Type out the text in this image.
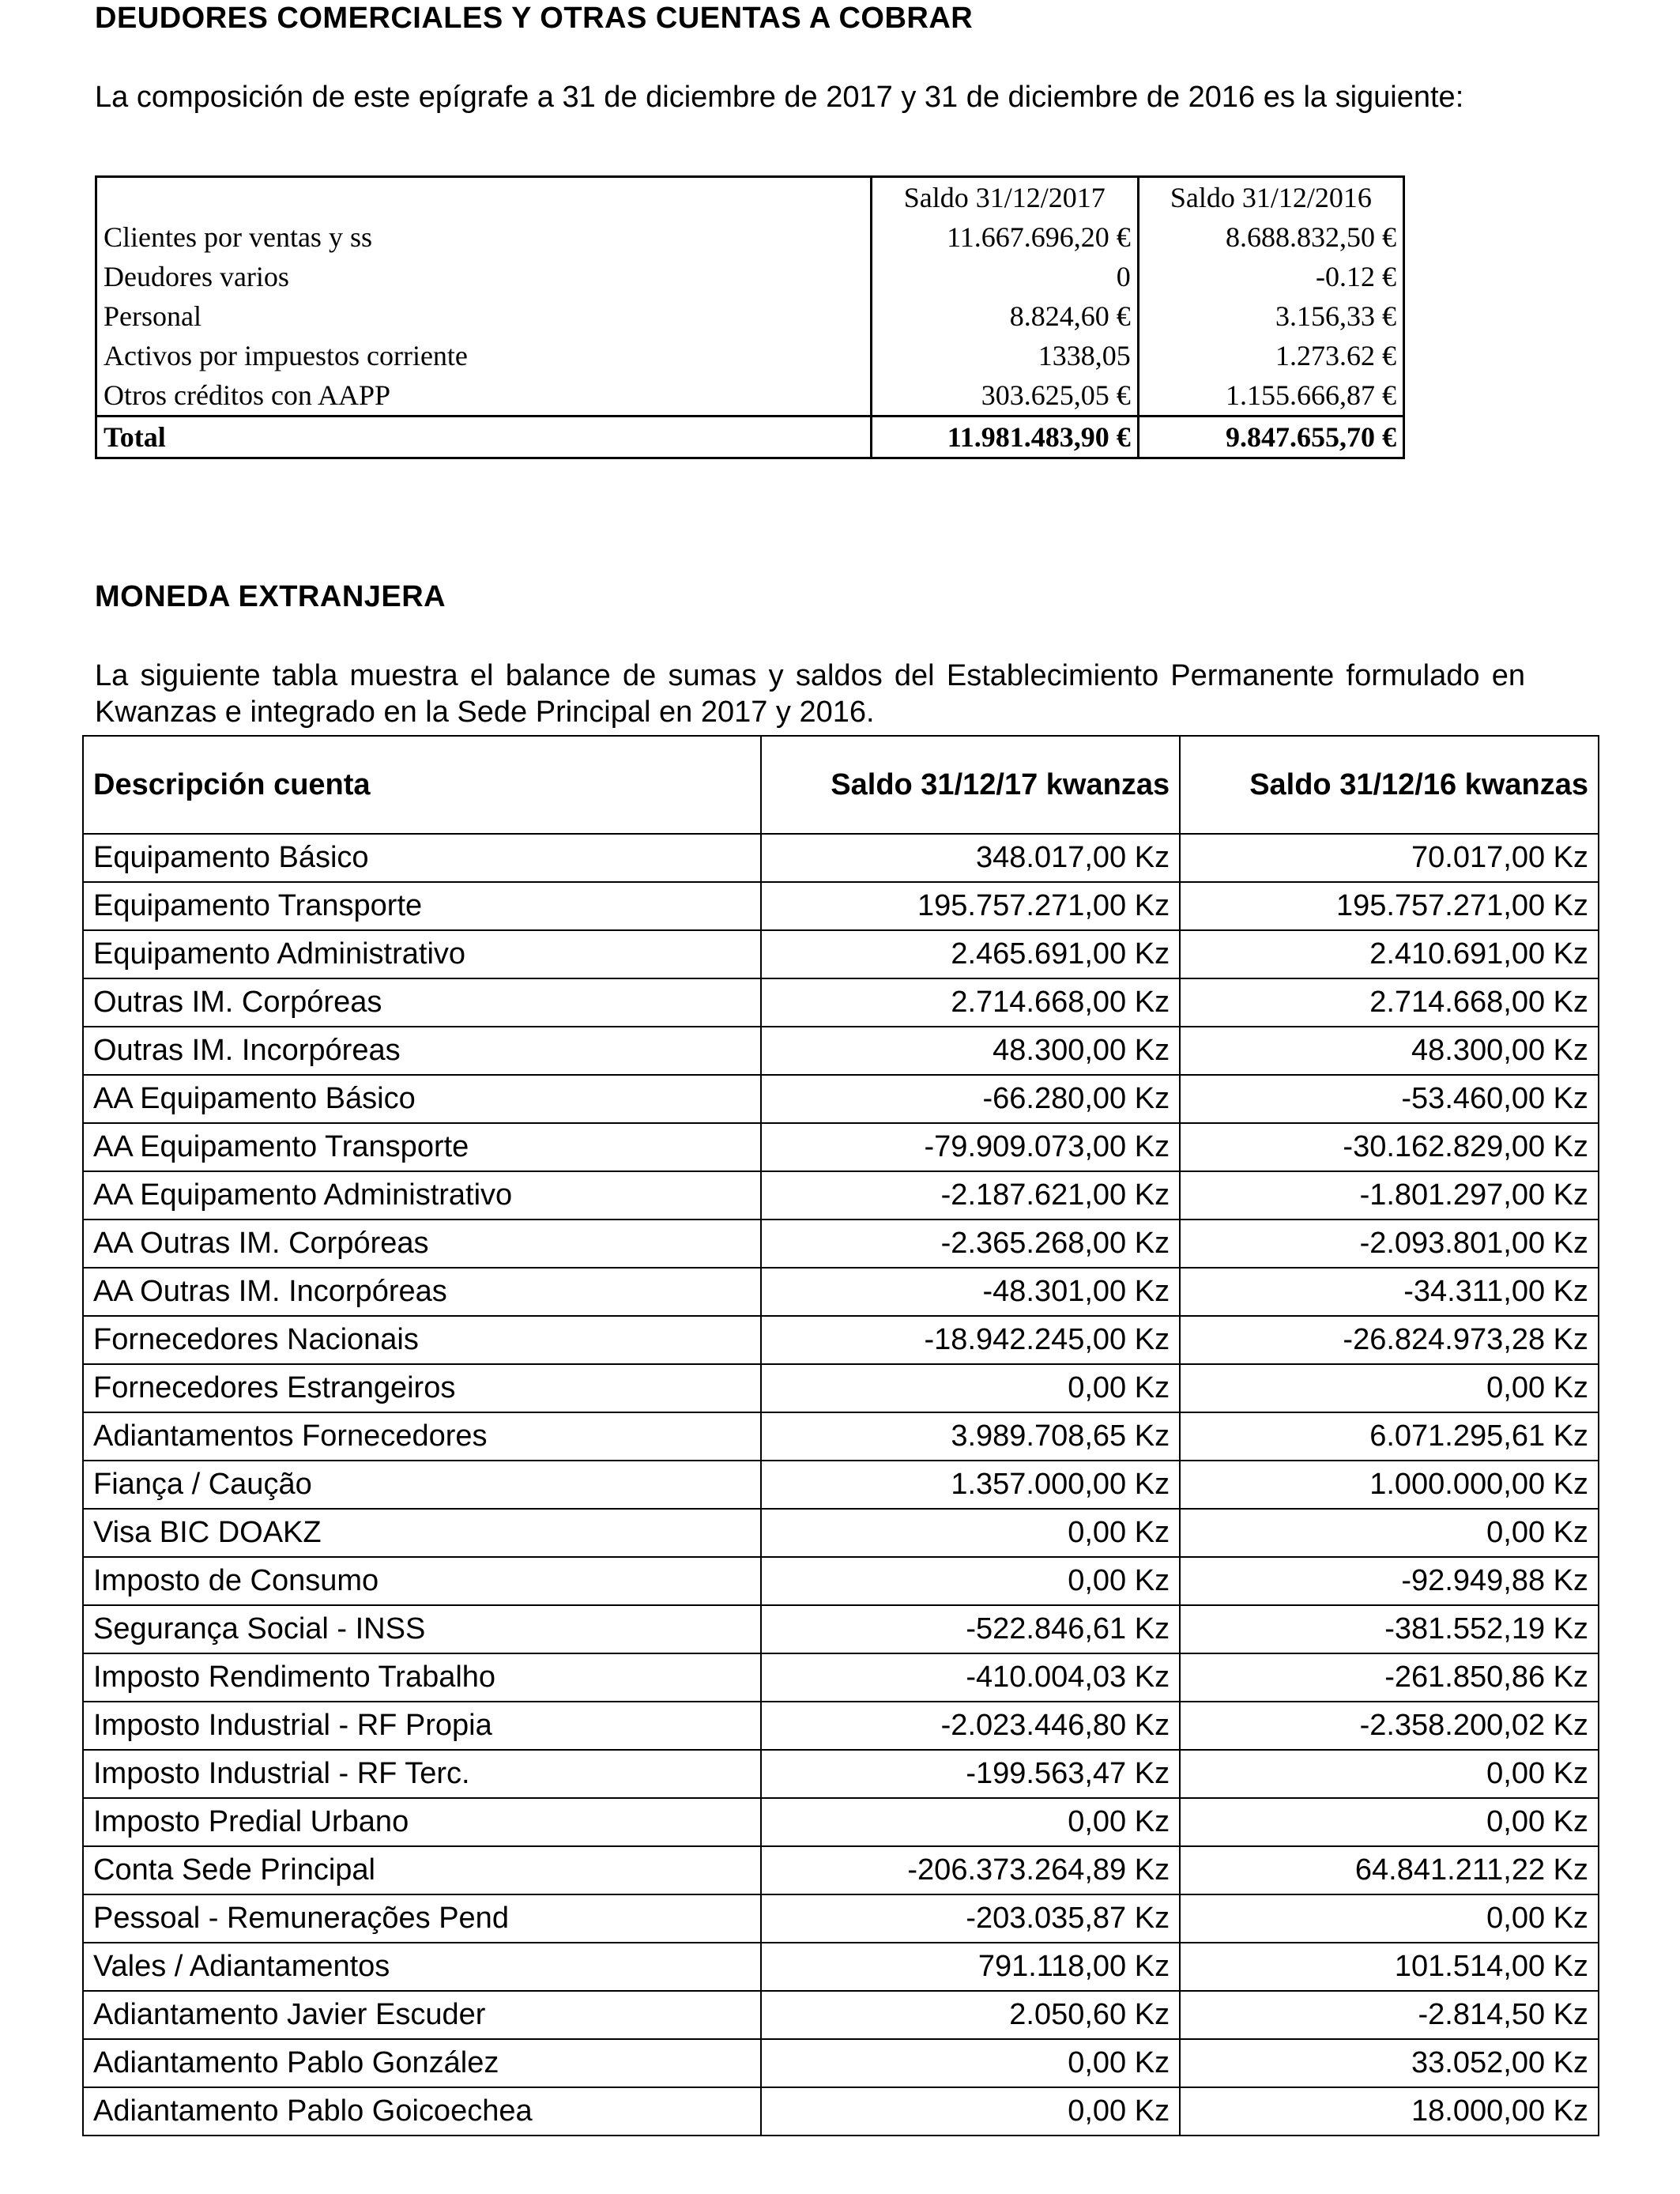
DEUDORES COMERCIALES Y OTRAS CUENTAS A COBRAR
La composición de este epígrafe a 31 de diciembre de 2017 y 31 de diciembre de 2016 es la siguiente:
	Saldo 31/12/2017	Saldo 31/12/2016
Clientes por ventas y ss	11.667.696,20 €	8.688.832,50 €
Deudores varios	0	-0.12 €
Personal	8.824,60 €	3.156,33 €
Activos por impuestos corriente	1338,05	1.273.62 €
Otros créditos con AAPP	303.625,05 €	1.155.666,87 €
Total	11.981.483,90 €	9.847.655,70 €
MONEDA EXTRANJERA
La siguiente tabla muestra el balance de sumas y saldos del Establecimiento Permanente formulado en Kwanzas e integrado en la Sede Principal en 2017 y 2016.
Descripción cuenta	Saldo 31/12/17 kwanzas	Saldo 31/12/16 kwanzas
Equipamento Básico	348.017,00 Kz	70.017,00 Kz
Equipamento Transporte	195.757.271,00 Kz	195.757.271,00 Kz
Equipamento Administrativo	2.465.691,00 Kz	2.410.691,00 Kz
Outras IM. Corpóreas	2.714.668,00 Kz	2.714.668,00 Kz
Outras IM. Incorpóreas	48.300,00 Kz	48.300,00 Kz
AA Equipamento Básico	-66.280,00 Kz	-53.460,00 Kz
AA Equipamento Transporte	-79.909.073,00 Kz	-30.162.829,00 Kz
AA Equipamento Administrativo	-2.187.621,00 Kz	-1.801.297,00 Kz
AA Outras IM. Corpóreas	-2.365.268,00 Kz	-2.093.801,00 Kz
AA Outras IM. Incorpóreas	-48.301,00 Kz	-34.311,00 Kz
Fornecedores Nacionais	-18.942.245,00 Kz	-26.824.973,28 Kz
Fornecedores Estrangeiros	0,00 Kz	0,00 Kz
Adiantamentos Fornecedores	3.989.708,65 Kz	6.071.295,61 Kz
Fiança / Caução	1.357.000,00 Kz	1.000.000,00 Kz
Visa BIC DOAKZ	0,00 Kz	0,00 Kz
Imposto de Consumo	0,00 Kz	-92.949,88 Kz
Segurança Social - INSS	-522.846,61 Kz	-381.552,19 Kz
Imposto Rendimento Trabalho	-410.004,03 Kz	-261.850,86 Kz
Imposto Industrial - RF Propia	-2.023.446,80 Kz	-2.358.200,02 Kz
Imposto Industrial - RF Terc.	-199.563,47 Kz	0,00 Kz
Imposto Predial Urbano	0,00 Kz	0,00 Kz
Conta Sede Principal	-206.373.264,89 Kz	64.841.211,22 Kz
Pessoal - Remunerações Pend	-203.035,87 Kz	0,00 Kz
Vales / Adiantamentos	791.118,00 Kz	101.514,00 Kz
Adiantamento Javier Escuder	2.050,60 Kz	-2.814,50 Kz
Adiantamento Pablo González	0,00 Kz	33.052,00 Kz
Adiantamento Pablo Goicoechea	0,00 Kz	18.000,00 Kz
